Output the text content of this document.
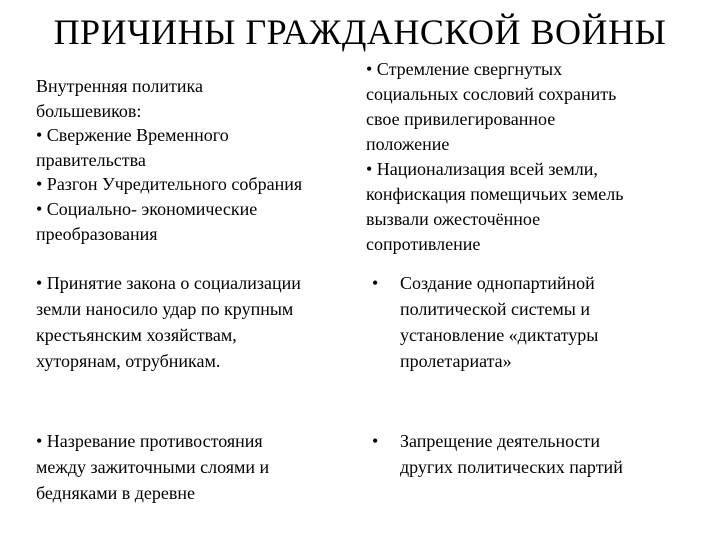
ПРИЧИНЫ ГРАЖДАНСКОЙ ВОЙНЫ

Внутренняя политика

большевиков:

• Свержение Временного

правительства

• Разгон Учредительного собрания

• Социально- экономические

преобразования

• Стремление свергнутых

социальных сословий сохранить

свое привилегированное

положение

• Национализация всей земли,

конфискация помещичьих земель

вызвали ожесточённое

сопротивление

• Принятие закона о социализации

земли наносило удар по крупным

крестьянским хозяйствам,

хуторянам, отрубникам.

•	Создание однопартийной

политической системы и

установление «диктатуры

пролетариата»

• Назревание противостояния

между зажиточными слоями и

бедняками в деревне

•	Запрещение деятельности

других политических партий
